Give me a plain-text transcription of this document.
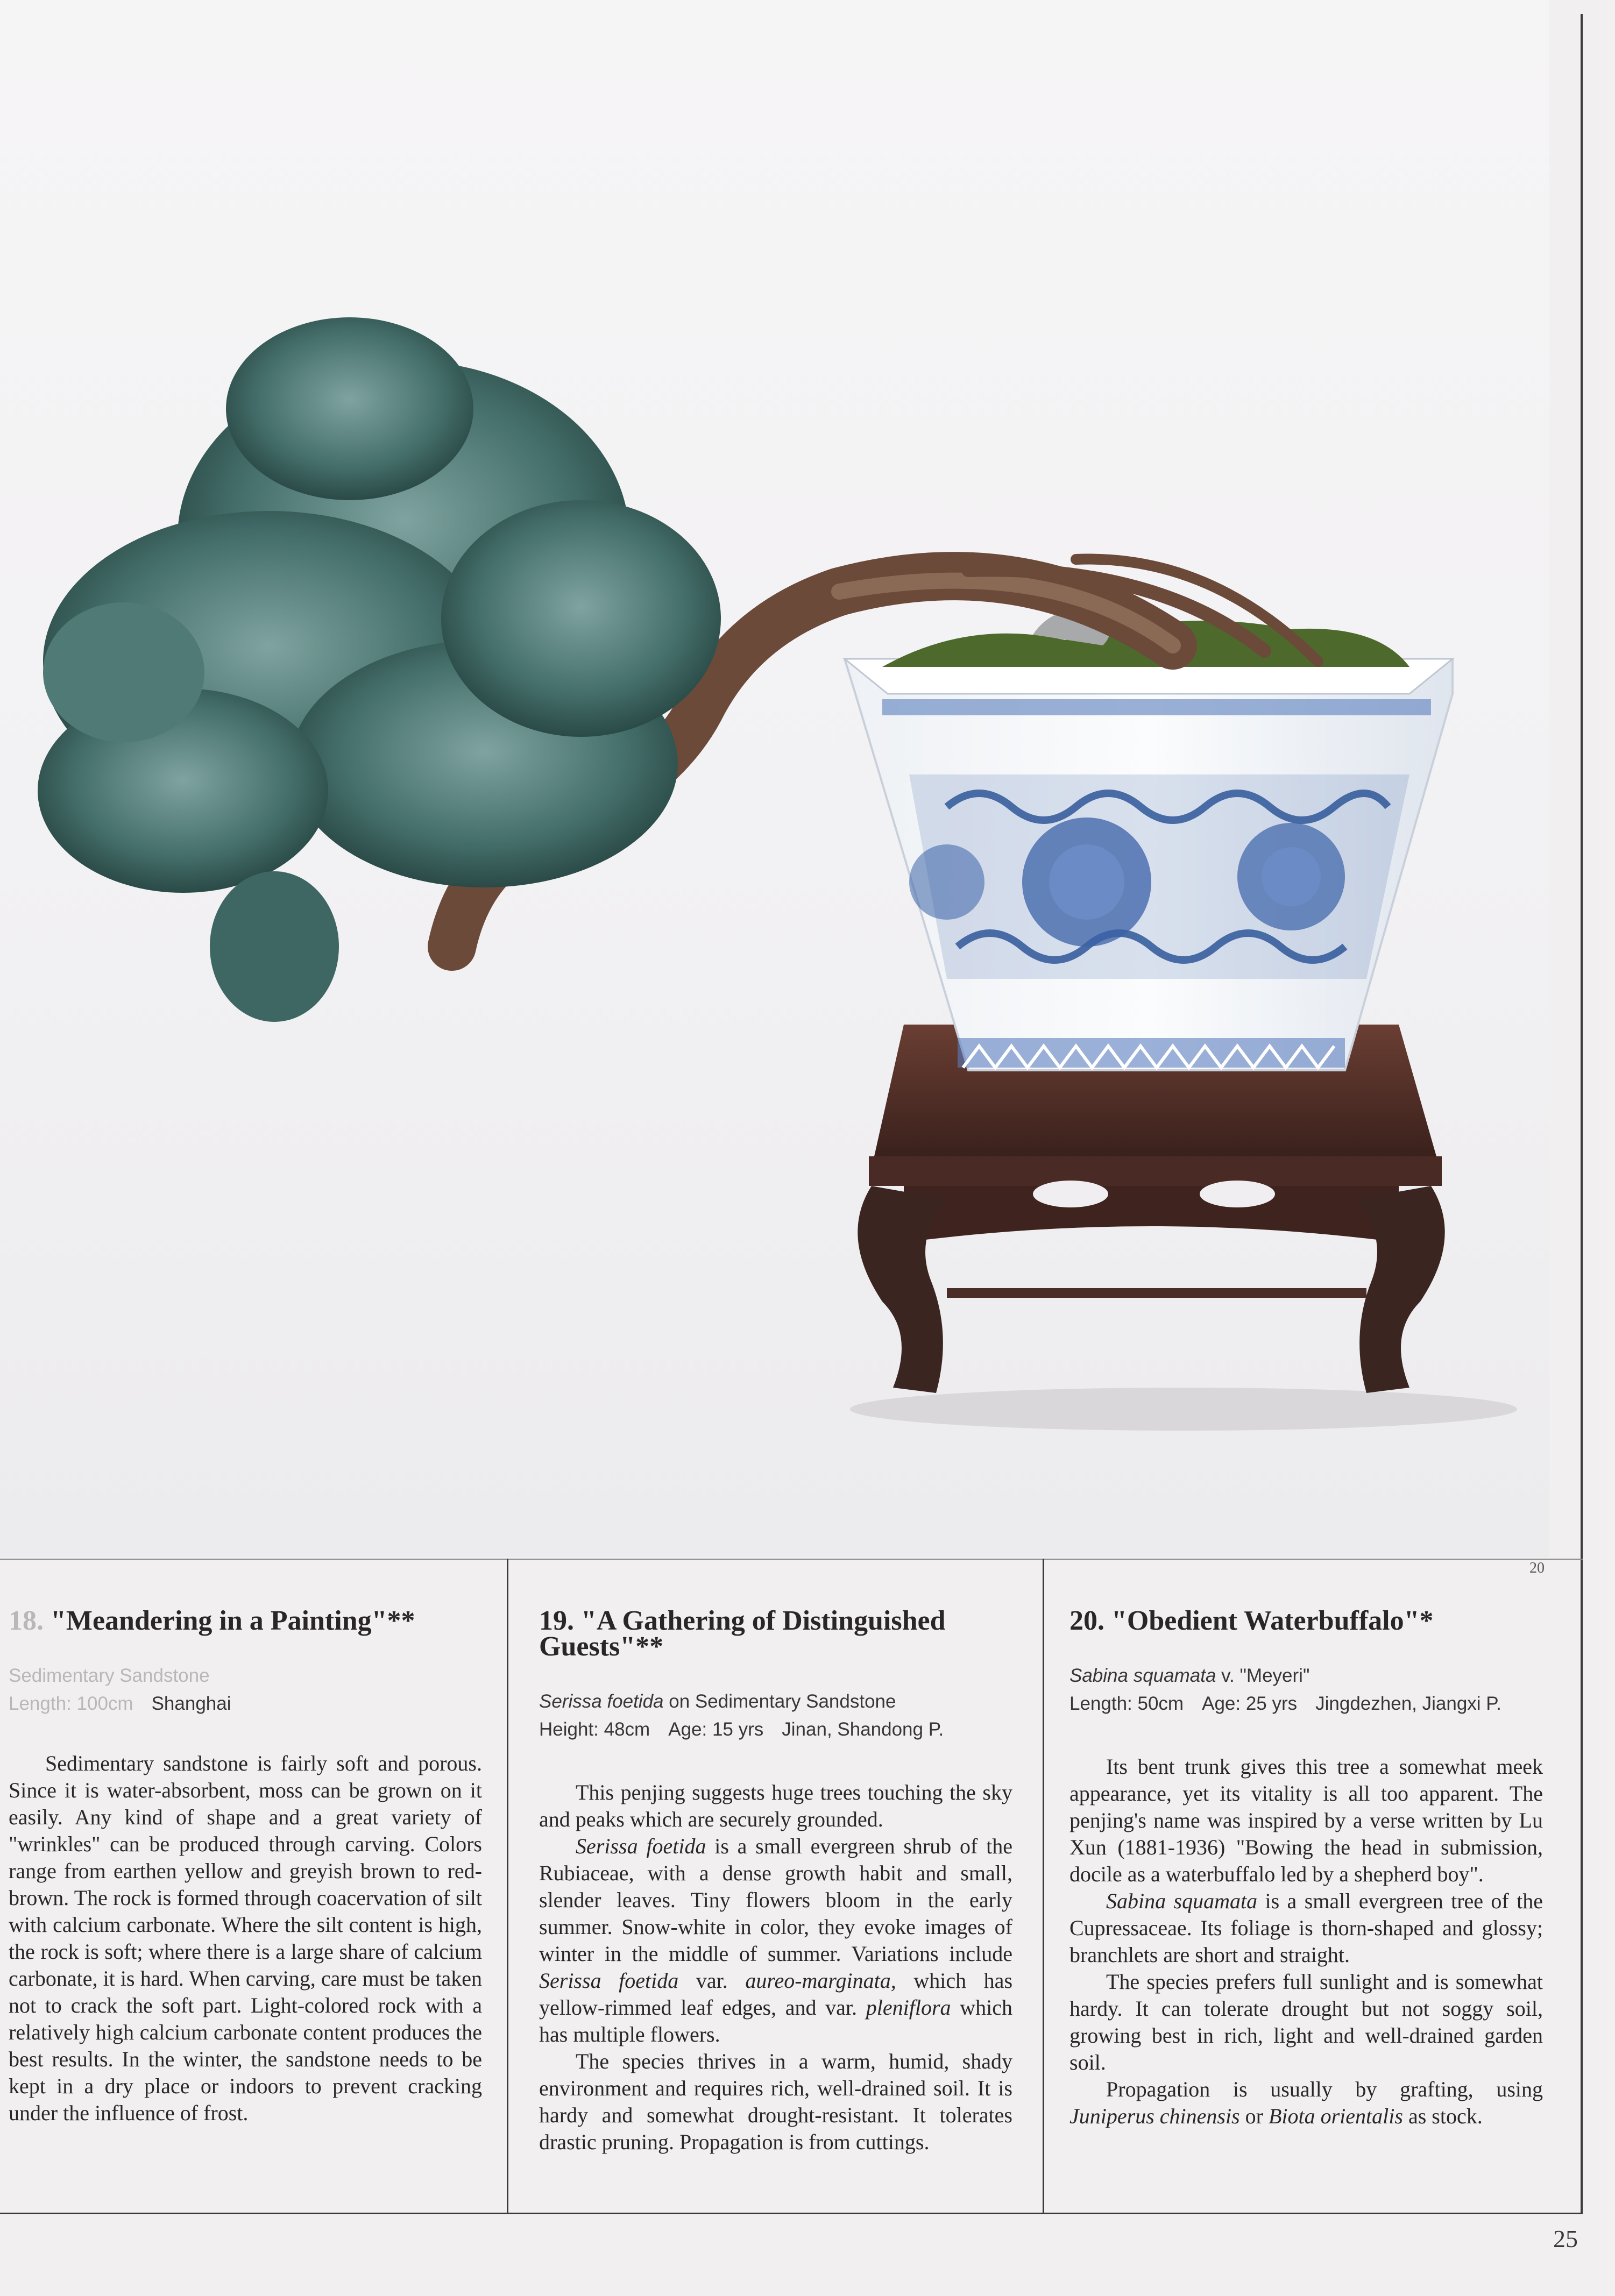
20
25
18. "Meandering in a Painting"**
Sedimentary Sandstone
Length: 100cm Shanghai

Sedimentary sandstone is fairly soft and porous. Since it is water-absorbent, moss can be grown on it easily. Any kind of shape and a great variety of "wrinkles" can be produced through carving. Colors range from earthen yellow and greyish brown to red-brown. The rock is formed through coacervation of silt with calcium carbonate. Where the silt content is high, the rock is soft; where there is a large share of calcium carbonate, it is hard. When carving, care must be taken not to crack the soft part. Light-colored rock with a relatively high calcium carbonate content produces the best results. In the winter, the sandstone needs to be kept in a dry place or indoors to prevent cracking under the influence of frost.

19. "A Gathering of Distinguished Guests"**
Serissa foetida on Sedimentary Sandstone
Height: 48cm Age: 15 yrs Jinan, Shandong P.

This penjing suggests huge trees touching the sky and peaks which are securely grounded.

Serissa foetida is a small evergreen shrub of the Rubiaceae, with a dense growth habit and small, slender leaves. Tiny flowers bloom in the early summer. Snow-white in color, they evoke images of winter in the middle of summer. Variations include Serissa foetida var. aureo-marginata, which has yellow-rimmed leaf edges, and var. pleniflora which has multiple flowers.

The species thrives in a warm, humid, shady environment and requires rich, well-drained soil. It is hardy and somewhat drought-resistant. It tolerates drastic pruning. Propagation is from cuttings.

20. "Obedient Waterbuffalo"*
Sabina squamata v. "Meyeri"
Length: 50cm Age: 25 yrs Jingdezhen, Jiangxi P.

Its bent trunk gives this tree a somewhat meek appearance, yet its vitality is all too apparent. The penjing's name was inspired by a verse written by Lu Xun (1881-1936) "Bowing the head in submission, docile as a waterbuffalo led by a shepherd boy".

Sabina squamata is a small evergreen tree of the Cupressaceae. Its foliage is thorn-shaped and glossy; branchlets are short and straight.

The species prefers full sunlight and is somewhat hardy. It can tolerate drought but not soggy soil, growing best in rich, light and well-drained garden soil.

Propagation is usually by grafting, using Juniperus chinensis or Biota orientalis as stock.
